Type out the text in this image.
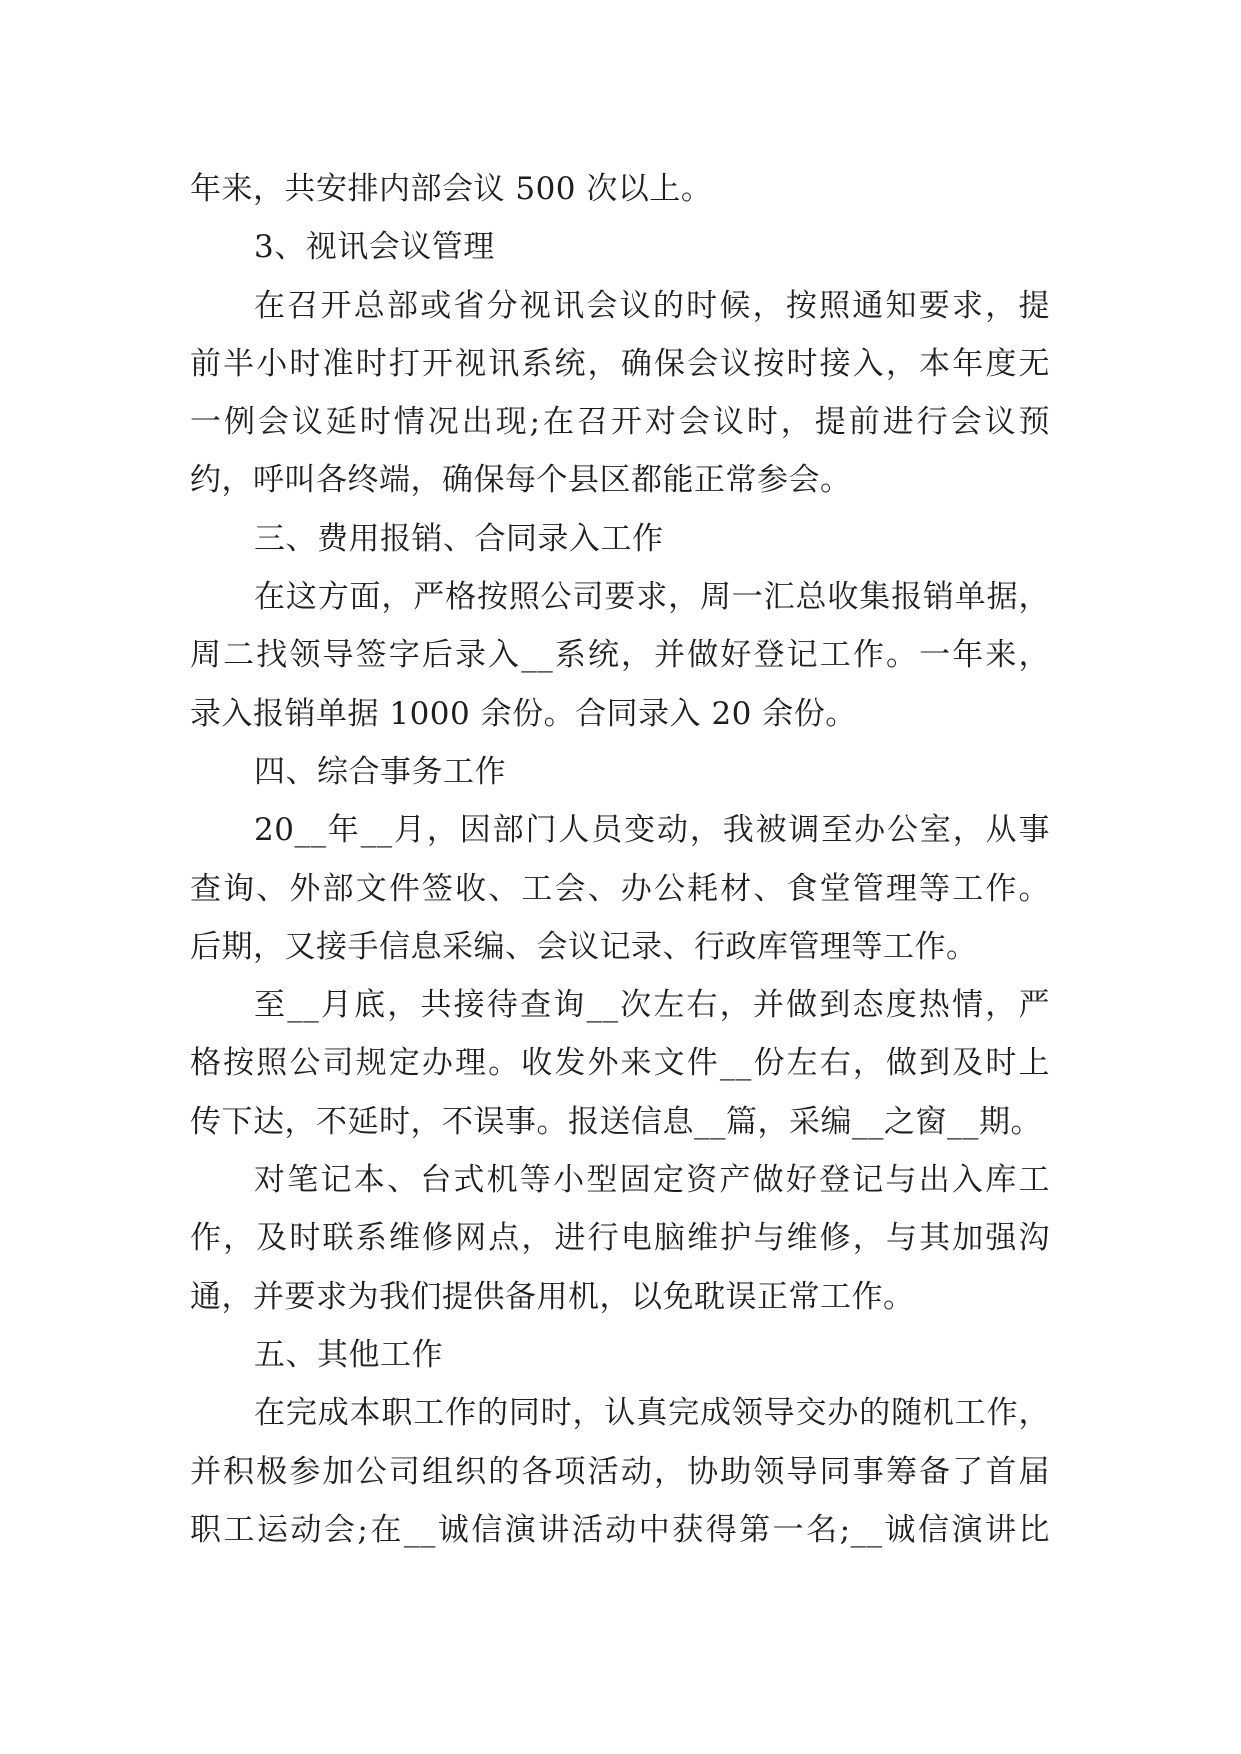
年来，共安排内部会议 500 次以上。
3、视讯会议管理
在召开总部或省分视讯会议的时候，按照通知要求，提
前半小时准时打开视讯系统，确保会议按时接入，本年度无
一例会议延时情况出现;在召开对会议时，提前进行会议预
约，呼叫各终端，确保每个县区都能正常参会。
三、费用报销、合同录入工作
在这方面，严格按照公司要求，周一汇总收集报销单据，
周二找领导签字后录入__系统，并做好登记工作。一年来，
录入报销单据 1000 余份。合同录入 20 余份。
四、综合事务工作
20__年__月，因部门人员变动，我被调至办公室，从事
查询、外部文件签收、工会、办公耗材、食堂管理等工作。
后期，又接手信息采编、会议记录、行政库管理等工作。
至__月底，共接待查询__次左右，并做到态度热情，严
格按照公司规定办理。收发外来文件__份左右，做到及时上
传下达，不延时，不误事。报送信息__篇，采编__之窗__期。
对笔记本、台式机等小型固定资产做好登记与出入库工
作，及时联系维修网点，进行电脑维护与维修，与其加强沟
通，并要求为我们提供备用机，以免耽误正常工作。
五、其他工作
在完成本职工作的同时，认真完成领导交办的随机工作，
并积极参加公司组织的各项活动，协助领导同事筹备了首届
职工运动会;在__诚信演讲活动中获得第一名;__诚信演讲比
